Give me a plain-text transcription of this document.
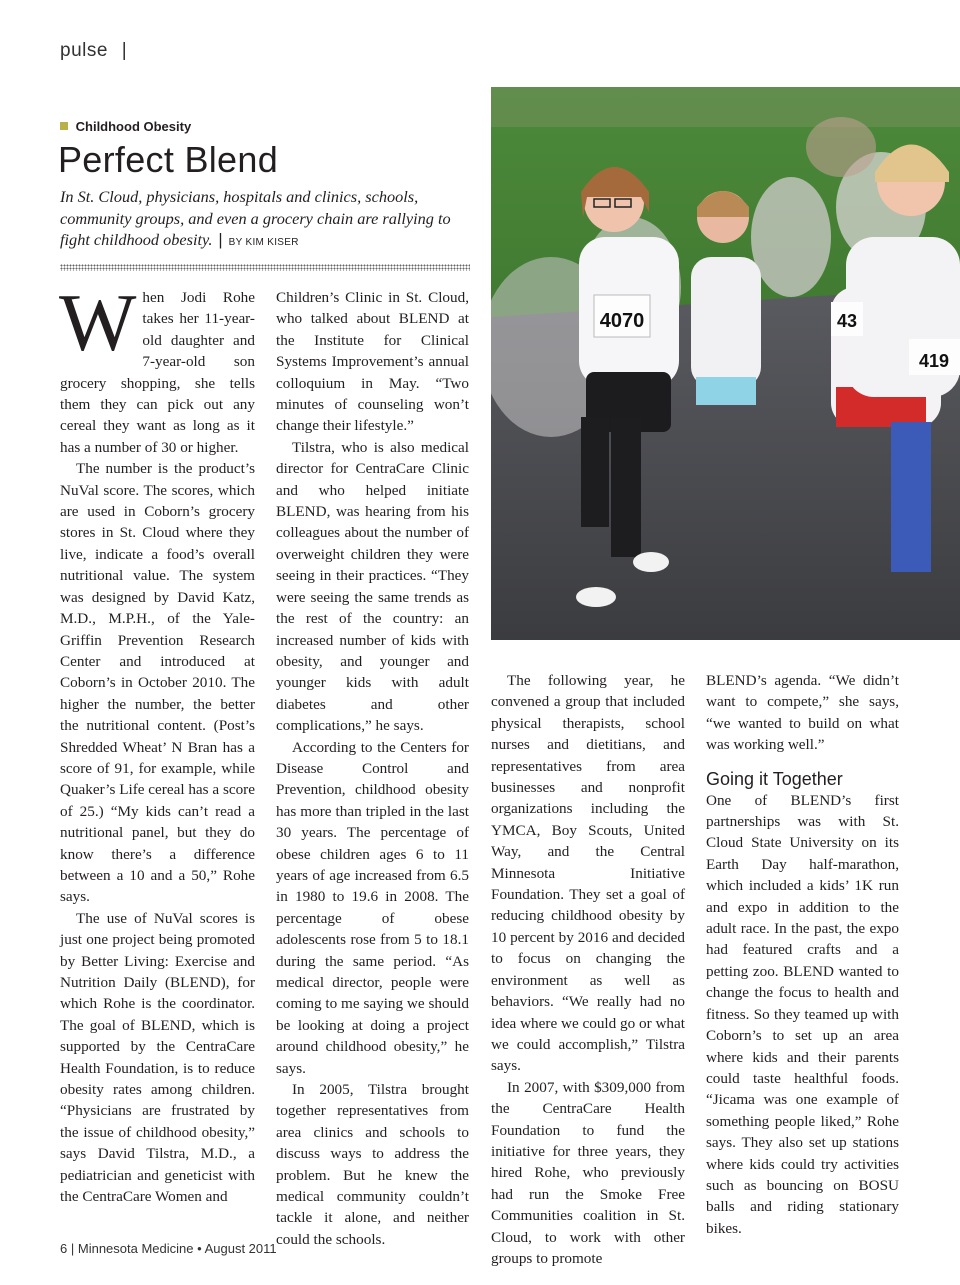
pulse |
Childhood Obesity
Perfect Blend
In St. Cloud, physicians, hospitals and clinics, schools, community groups, and even a grocery chain are rallying to fight childhood obesity. | BY KIM KISER
4070	43
419

When Jodi Rohe takes her 11-year-old daughter and 7-year-old son grocery shopping, she tells them they can pick out any cereal they want as long as it has a number of 30 or higher.

The number is the product’s NuVal score. The scores, which are used in Coborn’s grocery stores in St. Cloud where they live, indicate a food’s overall nutritional value. The system was designed by David Katz, M.D., M.P.H., of the Yale-Griffin Prevention Research Center and introduced at Coborn’s in October 2010. The higher the number, the better the nutritional content. (Post’s Shredded Wheat’ N Bran has a score of 91, for example, while Quaker’s Life cereal has a score of 25.) “My kids can’t read a nutritional panel, but they do know there’s a difference between a 10 and a 50,” Rohe says.

The use of NuVal scores is just one project being promoted by Better Living: Exercise and Nutrition Daily (BLEND), for which Rohe is the coordinator. The goal of BLEND, which is supported by the CentraCare Health Foundation, is to reduce obesity rates among children. “Physicians are frustrated by the issue of childhood obesity,” says David Tilstra, M.D., a pediatrician and geneticist with the CentraCare Women and

Children’s Clinic in St. Cloud, who talked about BLEND at the Institute for Clinical Systems Improvement’s annual colloquium in May. “Two minutes of counseling won’t change their lifestyle.”

Tilstra, who is also medical director for CentraCare Clinic and who helped initiate BLEND, was hearing from his colleagues about the number of overweight children they were seeing in their practices. “They were seeing the same trends as the rest of the country: an increased number of kids with obesity, and younger and younger kids with adult diabetes and other complications,” he says.

According to the Centers for Disease Control and Prevention, childhood obesity has more than tripled in the last 30 years. The percentage of obese children ages 6 to 11 years of age increased from 6.5 in 1980 to 19.6 in 2008. The percentage of obese adolescents rose from 5 to 18.1 during the same period. “As medical director, people were coming to me saying we should be looking at doing a project around childhood obesity,” he says.

In 2005, Tilstra brought together representatives from area clinics and schools to discuss ways to address the problem. But he knew the medical community couldn’t tackle it alone, and neither could the schools.

The following year, he convened a group that included physical therapists, school nurses and dietitians, and representatives from area businesses and nonprofit organizations including the YMCA, Boy Scouts, United Way, and the Central Minnesota Initiative Foundation. They set a goal of reducing childhood obesity by 10 percent by 2016 and decided to focus on changing the environment as well as behaviors. “We really had no idea where we could go or what we could accomplish,” Tilstra says.

In 2007, with $309,000 from the CentraCare Health Foundation to fund the initiative for three years, they hired Rohe, who previously had run the Smoke Free Communities coalition in St. Cloud, to work with other groups to promote

BLEND’s agenda. “We didn’t want to compete,” she says, “we wanted to build on what was working well.”

Going it Together

One of BLEND’s first partnerships was with St. Cloud State University on its Earth Day half-marathon, which included a kids’ 1K run and expo in addition to the adult race. In the past, the expo had featured crafts and a petting zoo. BLEND wanted to change the focus to health and fitness. So they teamed up with Coborn’s to set up an area where kids and their parents could taste healthful foods. “Jicama was one example of something people liked,” Rohe says. They also set up stations where kids could try activities such as bouncing on BOSU balls and riding stationary bikes.

6 | Minnesota Medicine • August 2011
